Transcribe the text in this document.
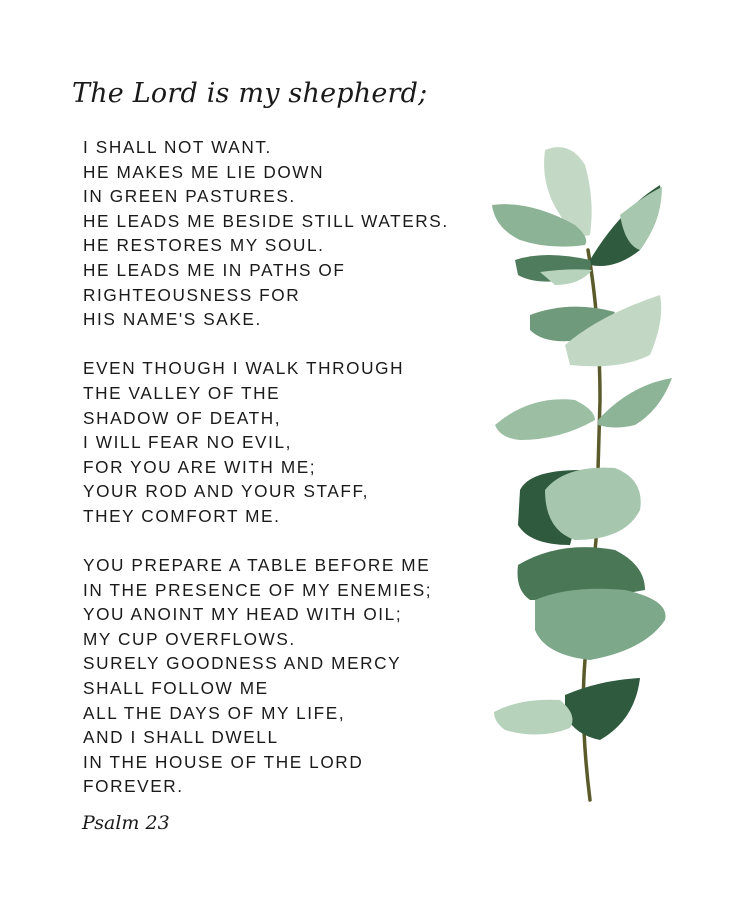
The Lord is my shepherd;
I SHALL NOT WANT.
HE MAKES ME LIE DOWN
IN GREEN PASTURES.
HE LEADS ME BESIDE STILL WATERS.
HE RESTORES MY SOUL.
HE LEADS ME IN PATHS OF
RIGHTEOUSNESS FOR
HIS NAME'S SAKE.
EVEN THOUGH I WALK THROUGH
THE VALLEY OF THE
SHADOW OF DEATH,
I WILL FEAR NO EVIL,
FOR YOU ARE WITH ME;
YOUR ROD AND YOUR STAFF,
THEY COMFORT ME.
YOU PREPARE A TABLE BEFORE ME
IN THE PRESENCE OF MY ENEMIES;
YOU ANOINT MY HEAD WITH OIL;
MY CUP OVERFLOWS.
SURELY GOODNESS AND MERCY
SHALL FOLLOW ME
ALL THE DAYS OF MY LIFE,
AND I SHALL DWELL
IN THE HOUSE OF THE LORD
FOREVER.
Psalm 23
